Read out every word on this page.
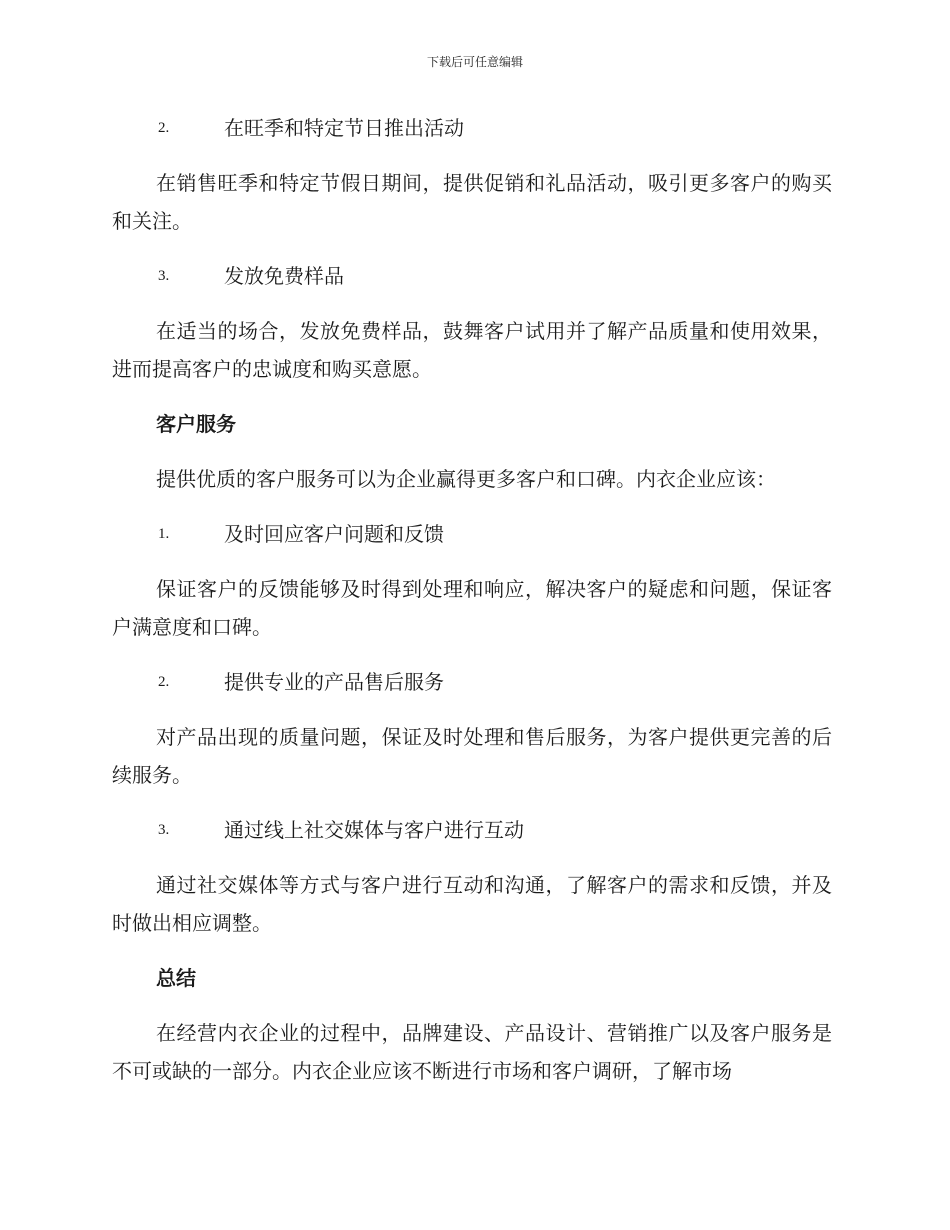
下载后可任意编辑
2.	在旺季和特定节日推出活动

在销售旺季和特定节假日期间，提供促销和礼品活动，吸引更多客户的购买和关注。

3.	发放免费样品

在适当的场合，发放免费样品，鼓舞客户试用并了解产品质量和使用效果，进而提高客户的忠诚度和购买意愿。

客户服务

提供优质的客户服务可以为企业赢得更多客户和口碑。内衣企业应该：

1.	及时回应客户问题和反馈

保证客户的反馈能够及时得到处理和响应，解决客户的疑虑和问题，保证客户满意度和口碑。

2.	提供专业的产品售后服务

对产品出现的质量问题，保证及时处理和售后服务，为客户提供更完善的后续服务。

3.	通过线上社交媒体与客户进行互动

通过社交媒体等方式与客户进行互动和沟通，了解客户的需求和反馈，并及时做出相应调整。

总结

在经营内衣企业的过程中，品牌建设、产品设计、营销推广以及客户服务是不可或缺的一部分。内衣企业应该不断进行市场和客户调研，了解市场
